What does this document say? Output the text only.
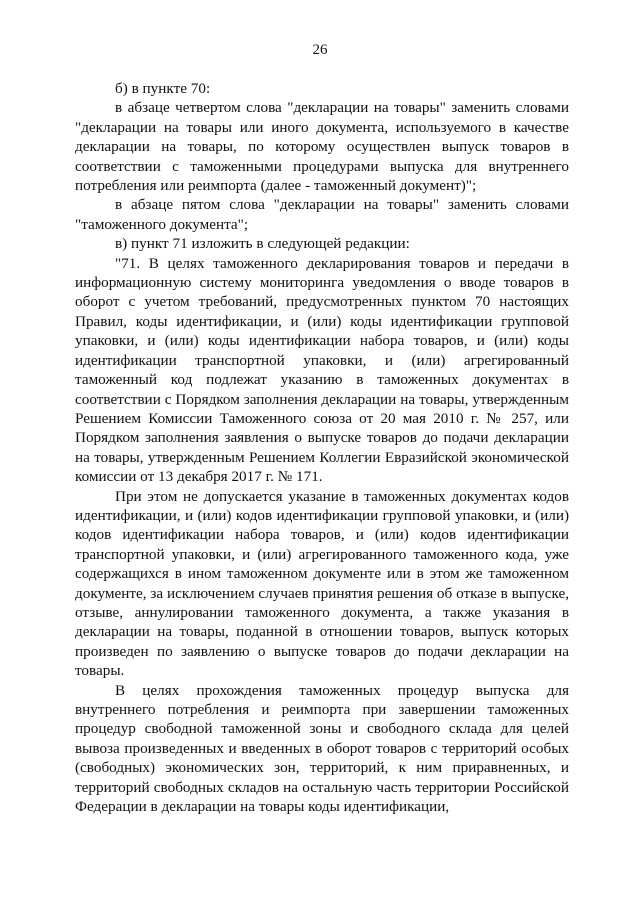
26

б) в пункте 70:

в абзаце четвертом слова "декларации на товары" заменить словами "декларации на товары или иного документа, используемого в качестве декларации на товары, по которому осуществлен выпуск товаров в соответствии с таможенными процедурами выпуска для внутреннего потребления или реимпорта (далее - таможенный документ)";

в абзаце пятом слова "декларации на товары" заменить словами "таможенного документа";

в) пункт 71 изложить в следующей редакции:

"71. В целях таможенного декларирования товаров и передачи в информационную систему мониторинга уведомления о вводе товаров в оборот с учетом требований, предусмотренных пунктом 70 настоящих Правил, коды идентификации, и (или) коды идентификации групповой упаковки, и (или) коды идентификации набора товаров, и (или) коды идентификации транспортной упаковки, и (или) агрегированный таможенный код подлежат указанию в таможенных документах в соответствии с Порядком заполнения декларации на товары, утвержденным Решением Комиссии Таможенного союза от 20 мая 2010 г. № 257, или Порядком заполнения заявления о выпуске товаров до подачи декларации на товары, утвержденным Решением Коллегии Евразийской экономической комиссии от 13 декабря 2017 г. № 171.

При этом не допускается указание в таможенных документах кодов идентификации, и (или) кодов идентификации групповой упаковки, и (или) кодов идентификации набора товаров, и (или) кодов идентификации транспортной упаковки, и (или) агрегированного таможенного кода, уже содержащихся в ином таможенном документе или в этом же таможенном документе, за исключением случаев принятия решения об отказе в выпуске, отзыве, аннулировании таможенного документа, а также указания в декларации на товары, поданной в отношении товаров, выпуск которых произведен по заявлению о выпуске товаров до подачи декларации на товары.

В целях прохождения таможенных процедур выпуска для внутреннего потребления и реимпорта при завершении таможенных процедур свободной таможенной зоны и свободного склада для целей вывоза произведенных и введенных в оборот товаров с территорий особых (свободных) экономических зон, территорий, к ним приравненных, и территорий свободных складов на остальную часть территории Российской Федерации в декларации на товары коды идентификации,
